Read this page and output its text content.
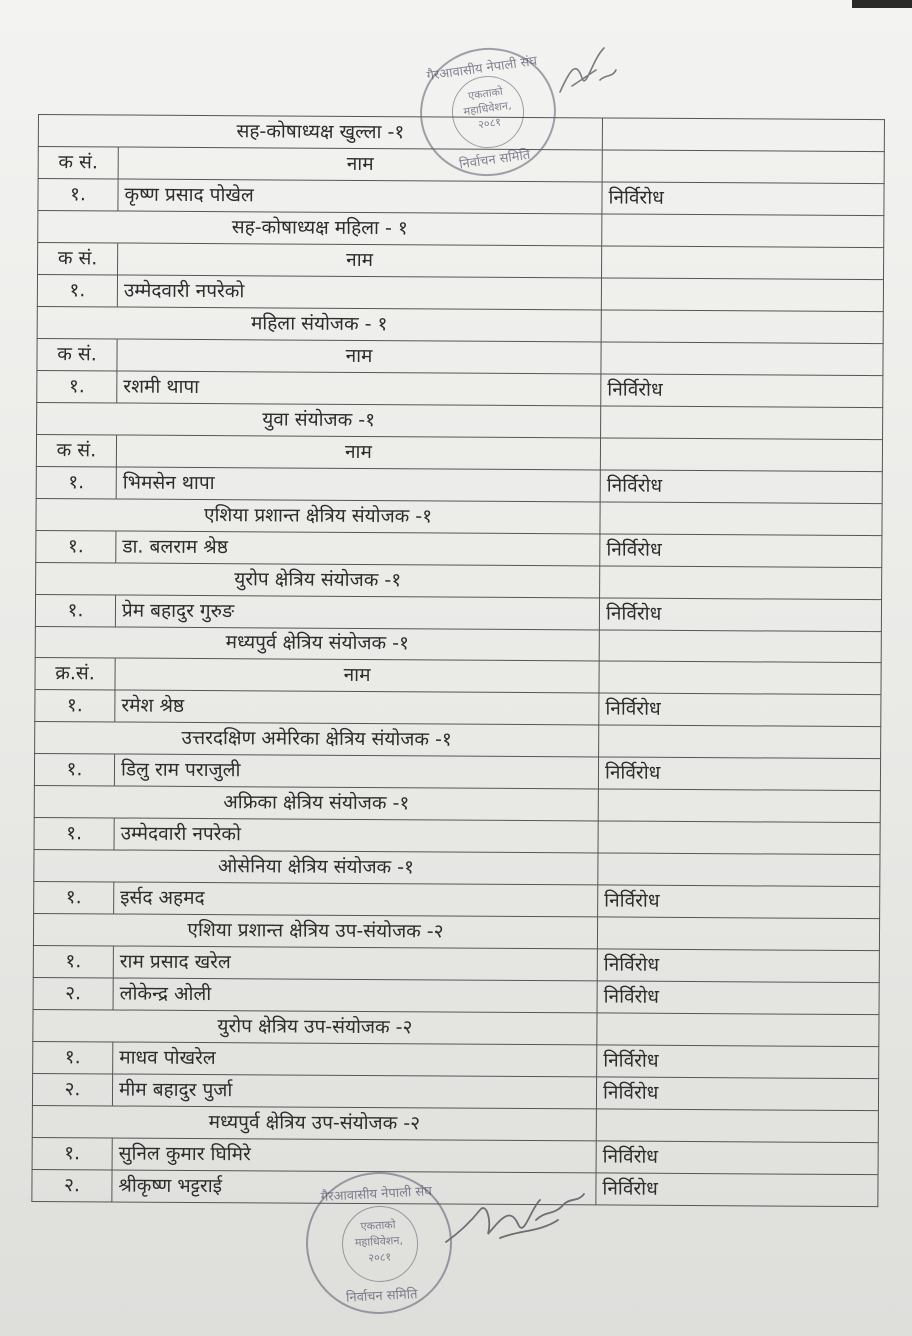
सह-कोषाध्यक्ष खुल्ला -१		
क सं.	नाम	
१.	कृष्ण प्रसाद पोखेल	निर्विरोध
सह-कोषाध्यक्ष महिला - १		
क सं.	नाम	
१.	उम्मेदवारी नपरेको	
महिला संयोजक - १		
क सं.	नाम	
१.	रशमी थापा	निर्विरोध
युवा संयोजक -१		
क सं.	नाम	
१.	भिमसेन थापा	निर्विरोध
एशिया प्रशान्त क्षेत्रिय संयोजक -१		
१.	डा. बलराम श्रेष्ठ	निर्विरोध
युरोप क्षेत्रिय संयोजक -१		
१.	प्रेम बहादुर गुरुङ	निर्विरोध
मध्यपुर्व क्षेत्रिय संयोजक -१		
क्र.सं.	नाम	
१.	रमेश श्रेष्ठ	निर्विरोध
उत्तरदक्षिण अमेरिका क्षेत्रिय संयोजक -१		
१.	डिलु राम पराजुली	निर्विरोध
अफ्रिका क्षेत्रिय संयोजक -१		
१.	उम्मेदवारी नपरेको	
ओसेनिया क्षेत्रिय संयोजक -१		
१.	इर्सद अहमद	निर्विरोध
एशिया प्रशान्त क्षेत्रिय उप-संयोजक -२		
१.	राम प्रसाद खरेल	निर्विरोध
२.	लोकेन्द्र ओली	निर्विरोध
युरोप क्षेत्रिय उप-संयोजक -२		
१.	माधव पोखरेल	निर्विरोध
२.	मीम बहादुर पुर्जा	निर्विरोध
मध्यपुर्व क्षेत्रिय उप-संयोजक -२		
१.	सुनिल कुमार घिमिरे	निर्विरोध
२.	श्रीकृष्ण भट्टराई	निर्विरोध
गैरआवासीय नेपाली संघ
एकताको
महाधिवेशन,
२०८१
निर्वाचन समिति
गैरआवासीय नेपाली संघ
एकताको
महाधिवेशन,
२०८१
निर्वाचन समिति
